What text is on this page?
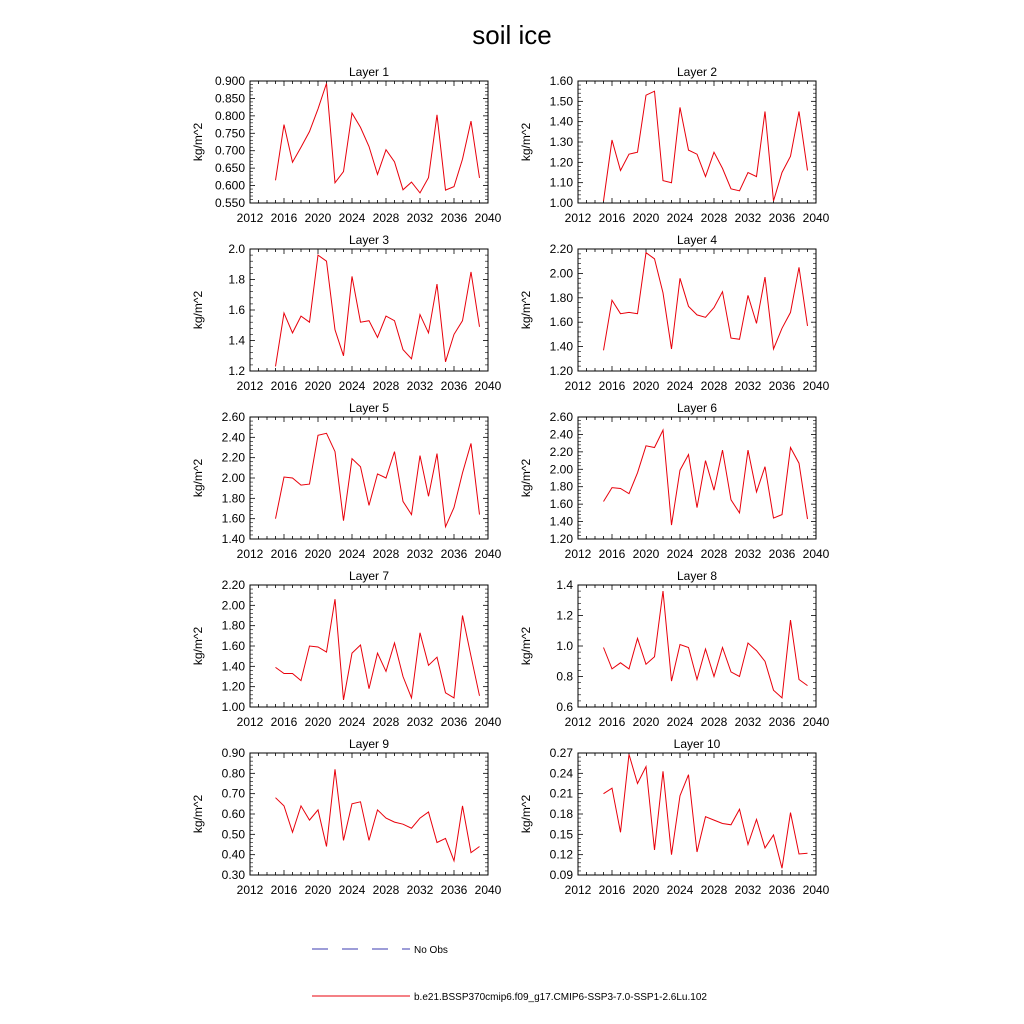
soil ice
Layer 1
2012 2016 2020 2024 2028 2032 2036 2040
0.550
0.600
0.650
0.700
0.750
0.800
0.850
0.900
kg/m^2
Layer 2
2012 2016 2020 2024 2028 2032 2036 2040
1.00
1.10
1.20
1.30
1.40
1.50
1.60
kg/m^2
Layer 3
2012 2016 2020 2024 2028 2032 2036 2040
1.2
1.4
1.6
1.8
2.0
kg/m^2
Layer 4
2012 2016 2020 2024 2028 2032 2036 2040
1.20
1.40
1.60
1.80
2.00
2.20
kg/m^2
Layer 5
2012 2016 2020 2024 2028 2032 2036 2040
1.40
1.60
1.80
2.00
2.20
2.40
2.60
kg/m^2
Layer 6
2012 2016 2020 2024 2028 2032 2036 2040
1.20
1.40
1.60
1.80
2.00
2.20
2.40
2.60
kg/m^2
Layer 7
2012 2016 2020 2024 2028 2032 2036 2040
1.00
1.20
1.40
1.60
1.80
2.00
2.20
kg/m^2
Layer 8
2012 2016 2020 2024 2028 2032 2036 2040
0.6
0.8
1.0
1.2
1.4
kg/m^2
Layer 9
2012 2016 2020 2024 2028 2032 2036 2040
0.30
0.40
0.50
0.60
0.70
0.80
0.90
kg/m^2
Layer 10
2012 2016 2020 2024 2028 2032 2036 2040
0.09
0.12
0.15
0.18
0.21
0.24
0.27
kg/m^2
No Obs
b.e21.BSSP370cmip6.f09_g17.CMIP6-SSP3-7.0-SSP1-2.6Lu.102
